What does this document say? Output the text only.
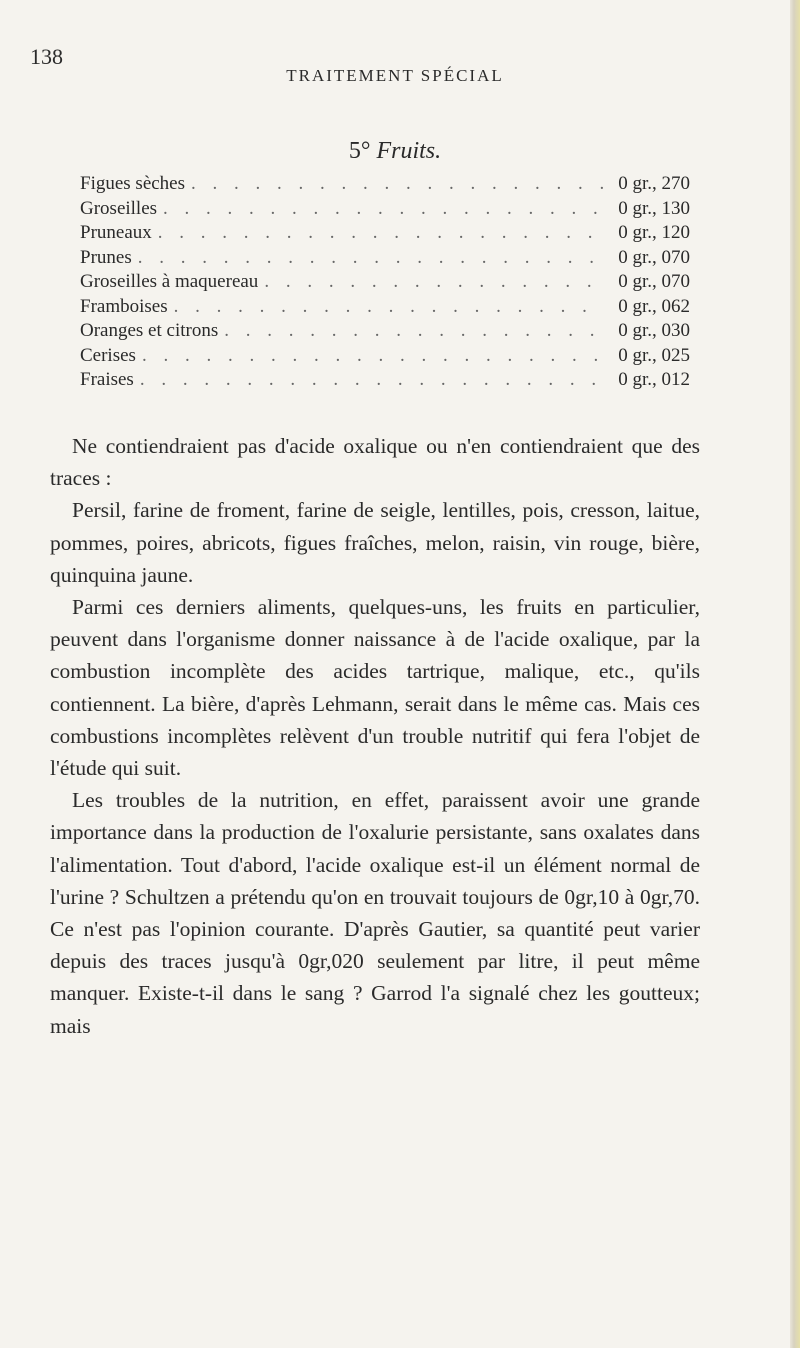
138
TRAITEMENT SPÉCIAL
5° Fruits.
Figues sèches . . .	0 gr., 270
Groseilles . . .	0 gr., 130
Pruneaux . . .	0 gr., 120
Prunes . . .	0 gr., 070
Groseilles à maquereau . . .	0 gr., 070
Framboises . . .	0 gr., 062
Oranges et citrons . . .	0 gr., 030
Cerises . . .	0 gr., 025
Fraises . . .	0 gr., 012

Ne contiendraient pas d'acide oxalique ou n'en contiendraient que des traces :

Persil, farine de froment, farine de seigle, lentilles, pois, cresson, laitue, pommes, poires, abricots, figues fraîches, melon, raisin, vin rouge, bière, quinquina jaune.

Parmi ces derniers aliments, quelques-uns, les fruits en particulier, peuvent dans l'organisme donner naissance à de l'acide oxalique, par la combustion incomplète des acides tartrique, malique, etc., qu'ils contiennent. La bière, d'après Lehmann, serait dans le même cas. Mais ces combustions incomplètes relèvent d'un trouble nutritif qui fera l'objet de l'étude qui suit.

Les troubles de la nutrition, en effet, paraissent avoir une grande importance dans la production de l'oxalurie persistante, sans oxalates dans l'alimentation. Tout d'abord, l'acide oxalique est-il un élément normal de l'urine ? Schultzen a prétendu qu'on en trouvait toujours de 0gr,10 à 0gr,70. Ce n'est pas l'opinion courante. D'après Gautier, sa quantité peut varier depuis des traces jusqu'à 0gr,020 seulement par litre, il peut même manquer. Existe-t-il dans le sang ? Garrod l'a signalé chez les goutteux; mais
